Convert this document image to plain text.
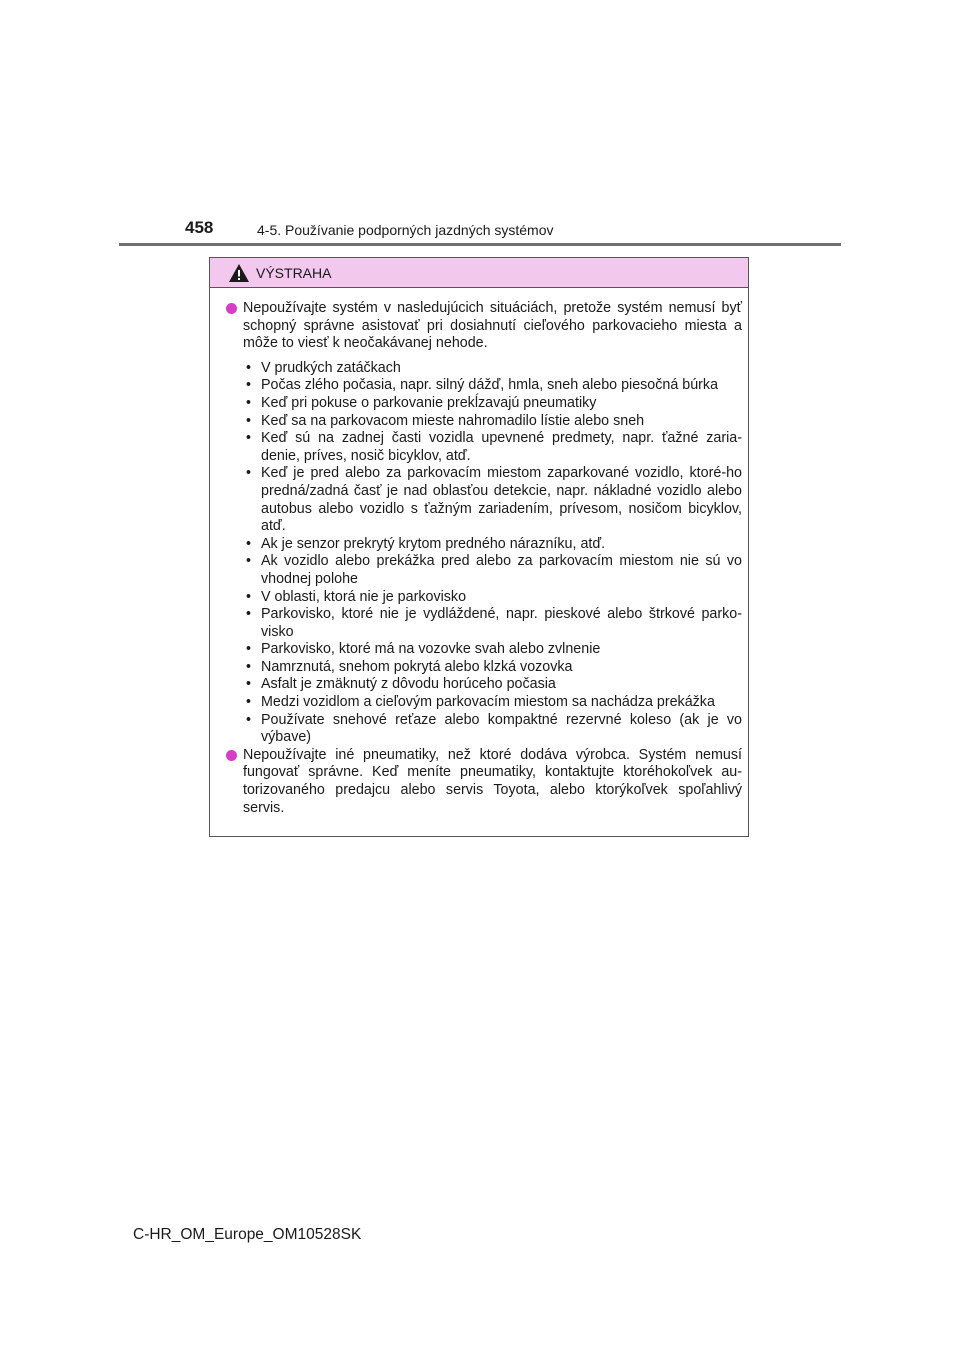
458	4-5. Používanie podporných jazdných systémov
VÝSTRAHA
Nepoužívajte systém v nasledujúcich situáciách, pretože systém nemusí byť schopný správne asistovať pri dosiahnutí cieľového parkovacieho miesta a môže to viesť k neočakávanej nehode.
• V prudkých zatáčkach
• Počas zlého počasia, napr. silný dážď, hmla, sneh alebo piesočná búrka
• Keď pri pokuse o parkovanie prekĺzavajú pneumatiky
• Keď sa na parkovacom mieste nahromadilo lístie alebo sneh
• Keď sú na zadnej časti vozidla upevnené predmety, napr. ťažné zaria-denie, príves, nosič bicyklov, atď.
• Keď je pred alebo za parkovacím miestom zaparkované vozidlo, ktoré-ho predná/zadná časť je nad oblasťou detekcie, napr. nákladné vozidlo alebo autobus alebo vozidlo s ťažným zariadením, prívesom, nosičom bicyklov, atď.
• Ak je senzor prekrytý krytom predného nárazníku, atď.
• Ak vozidlo alebo prekážka pred alebo za parkovacím miestom nie sú vo vhodnej polohe
• V oblasti, ktorá nie je parkovisko
• Parkovisko, ktoré nie je vydláždené, napr. pieskové alebo štrkové parko-visko
• Parkovisko, ktoré má na vozovke svah alebo zvlnenie
• Namrznutá, snehom pokrytá alebo klzká vozovka
• Asfalt je zmäknutý z dôvodu horúceho počasia
• Medzi vozidlom a cieľovým parkovacím miestom sa nachádza prekážka
• Používate snehové reťaze alebo kompaktné rezervné koleso (ak je vo výbave)
Nepoužívajte iné pneumatiky, než ktoré dodáva výrobca. Systém nemusí fungovať správne. Keď meníte pneumatiky, kontaktujte ktoréhokoľvek au-torizovaného predajcu alebo servis Toyota, alebo ktorýkoľvek spoľahlivý servis.
C-HR_OM_Europe_OM10528SK
